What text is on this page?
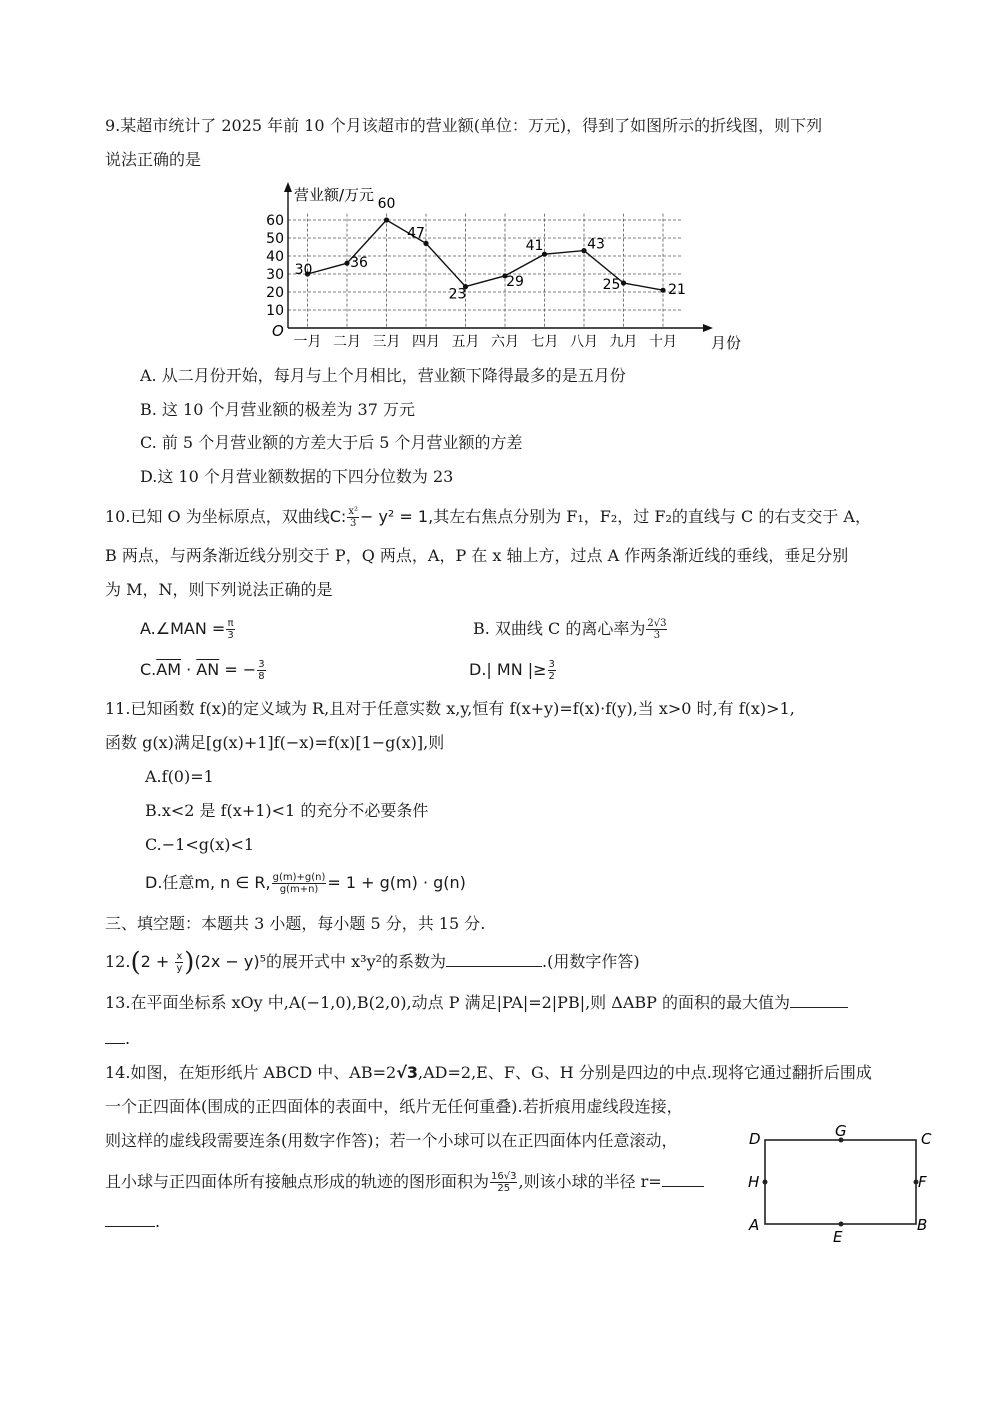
9.某超市统计了 2025 年前 10 个月该超市的营业额(单位：万元)，得到了如图所示的折线图，则下列
说法正确的是
10
20
30
40
50
60
一月 二月 三月 四月 五月 六月 七月 八月 九月 十月
营业额/万元
月份
O
30	36
60
47
23
29
41	43
25	21
A. 从二月份开始，每月与上个月相比，营业额下降得最多的是五月份
B. 这 10 个月营业额的极差为 37 万元
C. 前 5 个月营业额的方差大于后 5 个月营业额的方差
D.这 10 个月营业额数据的下四分位数为 23
10.已知 O 为坐标原点，双曲线C: $\frac{\text{x²}}{3} - y^2 = 1$,其左右焦点分别为 F₁，F₂，过 F₂的直线与 C 的右支交于 A，
B 两点，与两条渐近线分别交于 P，Q 两点，A，P 在 x 轴上方，过点 A 作两条渐近线的垂线，垂足分别
为 M，N，则下列说法正确的是
A.∠MAN = $\frac{\pi}{3}$	B. 双曲线 C 的离心率为 $\frac{2√3}{3}$
$C.\overline{AM} \cdot \overline{AN}$ = − $\frac{3}{8}$	D.| MN |≥ $\frac{3}{2}$
11.已知函数 f(x)的定义域为 R,且对于任意实数 x,y,恒有 f(x+y)=f(x)·f(y),当 x>0 时,有 f(x)>1,
函数 g(x)满足[g(x)+1]f(−x)=f(x)[1−g(x)],则
A.f(0)=1
B.x<2 是 f(x+1)<1 的充分不必要条件
C.−1<g(x)<1
D.任意m, n ∈ R, $\frac{g(m)+g(n)}{g(m+n)} = 1 + g(m) \cdot g(n)$
三、填空题：本题共 3 小题，每小题 5 分，共 15 分.
$12.(2 + \frac{x}{y} )(2x - y)^5$的展开式中 x³y²的系数为	.(用数字作答)
13.在平面坐标系 xOy 中,A(−1,0),B(2,0),动点 P 满足|PA|=2|PB|,则 ΔABP 的面积的最大值为
.
14.如图，在矩形纸片 ABCD 中、AB=2√3,AD=2,E、F、G、H 分别是四边的中点.现将它通过翻折后围成
一个正四面体(围成的正四面体的表面中，纸片无任何重叠).若折痕用虚线段连接，
则这样的虚线段需要连条(用数字作答)；若一个小球可以在正四面体内任意滚动，
且小球与正四面体所有接触点形成的轨迹的图形面积为 $\frac{16√3}{25}$ ,则该小球的半径 r=
.
D	C
G
H	F
A	B
E
